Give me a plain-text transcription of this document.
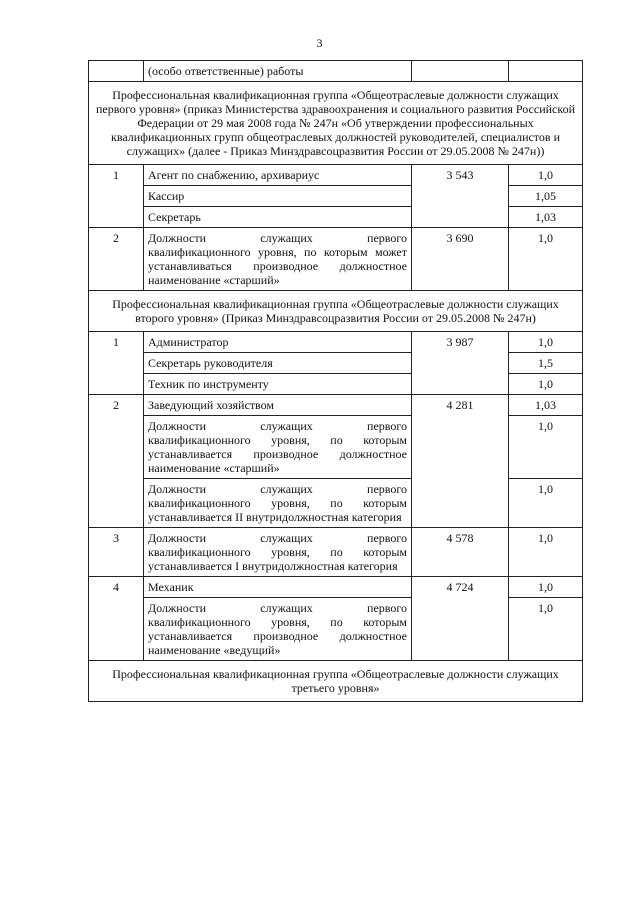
3
	(особо ответственные) работы		
Профессиональная квалификационная группа «Общеотраслевые должности служащих первого уровня» (приказ Министерства здравоохранения и социального развития Российской Федерации от 29 мая 2008 года № 247н «Об утверждении профессиональных квалификационных групп общеотраслевых должностей руководителей, специалистов и служащих» (далее - Приказ Минздравсоцразвития России от 29.05.2008 № 247н))			
1	Агент по снабжению, архивариус	3 543	1,0
	Кассир		1,05
	Секретарь		1,03
2	Должности служащих первого квалификационного уровня, по которым может устанавливаться производное должностное наименование «старший»	3 690	1,0
Профессиональная квалификационная группа «Общеотраслевые должности служащих второго уровня» (Приказ Минздравсоцразвития России от 29.05.2008 № 247н)			
1	Администратор	3 987	1,0
	Секретарь руководителя		1,5
	Техник по инструменту		1,0
2	Заведующий хозяйством	4 281	1,03
	Должности служащих первого квалификационного уровня, по которым устанавливается производное должностное наименование «старший»		1,0
	Должности служащих первого квалификационного уровня, по которым устанавливается II внутридолжностная категория		1,0
3	Должности служащих первого квалификационного уровня, по которым устанавливается I внутридолжностная категория	4 578	1,0
4	Механик	4 724	1,0
	Должности служащих первого квалификационного уровня, по которым устанавливается производное должностное наименование «ведущий»		1,0
Профессиональная квалификационная группа «Общеотраслевые должности служащих третьего уровня»			
